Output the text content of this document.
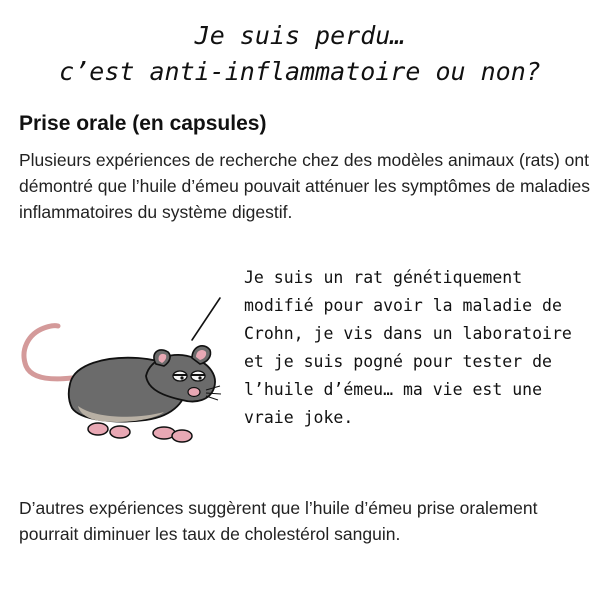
Je suis perdu…
c’est anti-inflammatoire ou non?
Prise orale (en capsules)
Plusieurs expériences de recherche chez des modèles animaux (rats) ont démontré que l’huile d’émeu pouvait atténuer les symptômes de maladies inflammatoires du système digestif.
Je suis un rat génétiquement modifié pour avoir la maladie de Crohn, je vis dans un laboratoire et je suis pogné pour tester de l’huile d’émeu… ma vie est une vraie joke.
D’autres expériences suggèrent que l’huile d’émeu prise oralement pourrait diminuer les taux de cholestérol sanguin.
